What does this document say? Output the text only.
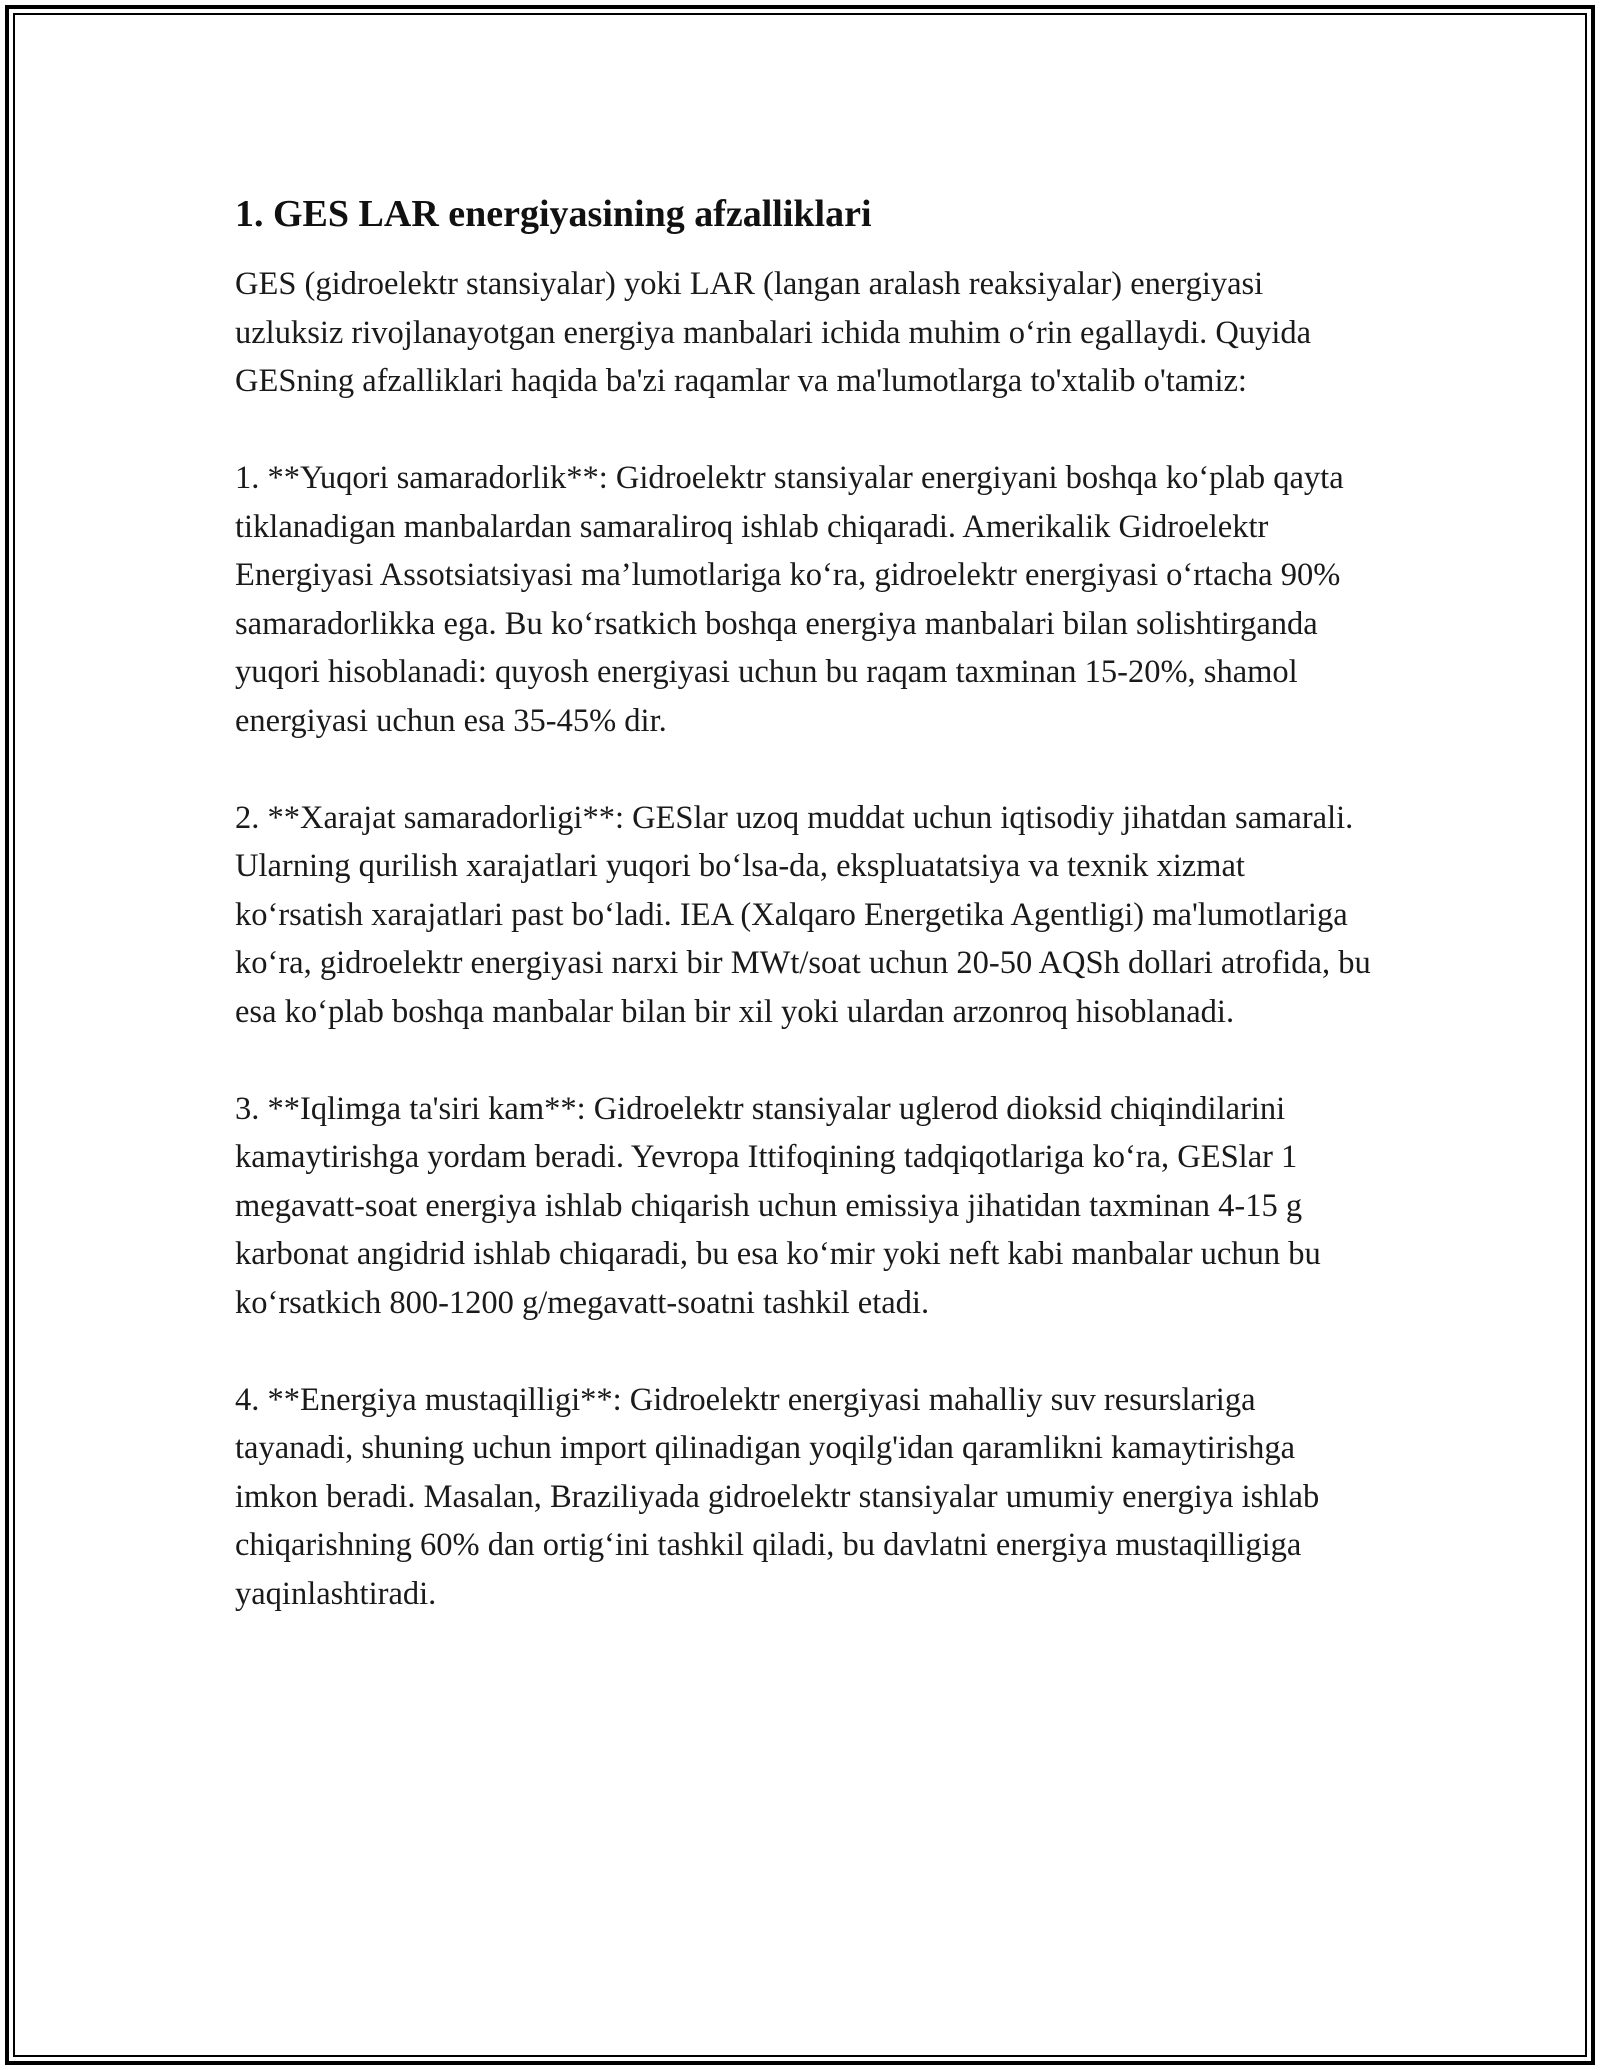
1. GES LAR energiyasining afzalliklari

GES (gidroelektr stansiyalar) yoki LAR (langan aralash reaksiyalar) energiyasi uzluksiz rivojlanayotgan energiya manbalari ichida muhim o‘rin egallaydi. Quyida GESning afzalliklari haqida ba'zi raqamlar va ma'lumotlarga to'xtalib o'tamiz:

1. **Yuqori samaradorlik**: Gidroelektr stansiyalar energiyani boshqa ko‘plab qayta tiklanadigan manbalardan samaraliroq ishlab chiqaradi. Amerikalik Gidroelektr Energiyasi Assotsiatsiyasi ma’lumotlariga ko‘ra, gidroelektr energiyasi o‘rtacha 90% samaradorlikka ega. Bu ko‘rsatkich boshqa energiya manbalari bilan solishtirganda yuqori hisoblanadi: quyosh energiyasi uchun bu raqam taxminan 15-20%, shamol energiyasi uchun esa 35-45% dir.

2. **Xarajat samaradorligi**: GESlar uzoq muddat uchun iqtisodiy jihatdan samarali. Ularning qurilish xarajatlari yuqori bo‘lsa-da, ekspluatatsiya va texnik xizmat ko‘rsatish xarajatlari past bo‘ladi. IEA (Xalqaro Energetika Agentligi) ma'lumotlariga ko‘ra, gidroelektr energiyasi narxi bir MWt/soat uchun 20-50 AQSh dollari atrofida, bu esa ko‘plab boshqa manbalar bilan bir xil yoki ulardan arzonroq hisoblanadi.

3. **Iqlimga ta'siri kam**: Gidroelektr stansiyalar uglerod dioksid chiqindilarini kamaytirishga yordam beradi. Yevropa Ittifoqining tadqiqotlariga ko‘ra, GESlar 1 megavatt-soat energiya ishlab chiqarish uchun emissiya jihatidan taxminan 4-15 g karbonat angidrid ishlab chiqaradi, bu esa ko‘mir yoki neft kabi manbalar uchun bu ko‘rsatkich 800-1200 g/megavatt-soatni tashkil etadi.

4. **Energiya mustaqilligi**: Gidroelektr energiyasi mahalliy suv resurslariga tayanadi, shuning uchun import qilinadigan yoqilg'idan qaramlikni kamaytirishga imkon beradi. Masalan, Braziliyada gidroelektr stansiyalar umumiy energiya ishlab chiqarishning 60% dan ortig‘ini tashkil qiladi, bu davlatni energiya mustaqilligiga yaqinlashtiradi.
